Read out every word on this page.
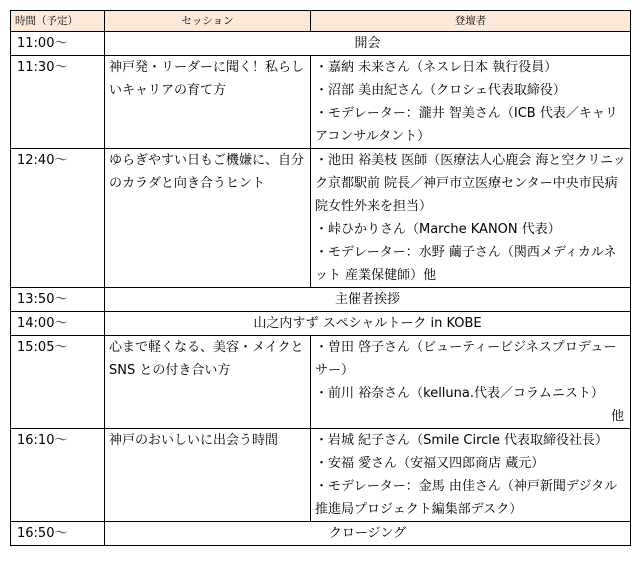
時間（予定）	セッション	登壇者
11:00〜	開会	
11:30〜	神戸発・リーダーに聞く！私らしいキャリアの育て方	・嘉納 未来さん（ネスレ日本 執行役員）
・沼部 美由紀さん（クロシェ代表取締役）
・モデレーター：瀧井 智美さん（ICB 代表／キャリアコンサルタント）

12:40〜	ゆらぎやすい日もご機嫌に、自分のカラダと向き合うヒント	・池田 裕美枝 医師（医療法人心鹿会 海と空クリニック京都駅前 院長／神戸市立医療センター中央市民病院女性外来を担当）
・峠ひかりさん（Marche KANON 代表）
・モデレーター：水野 繭子さん（関西メディカルネット 産業保健師）他

13:50〜	主催者挨拶	
14:00〜	山之内すず スペシャルトーク in KOBE	
15:05〜	心まで軽くなる、美容・メイクと SNS との付き合い方	・曽田 啓子さん（ビューティービジネスプロデューサー）
・前川 裕奈さん（kelluna.代表／コラムニスト）
他

16:10〜	神戸のおいしいに出会う時間	・岩城 紀子さん（Smile Circle 代表取締役社長）
・安福 愛さん（安福又四郎商店 蔵元）
・モデレーター：金馬 由佳さん（神戸新聞デジタル推進局プロジェクト編集部デスク）

16:50〜	クロージング	
